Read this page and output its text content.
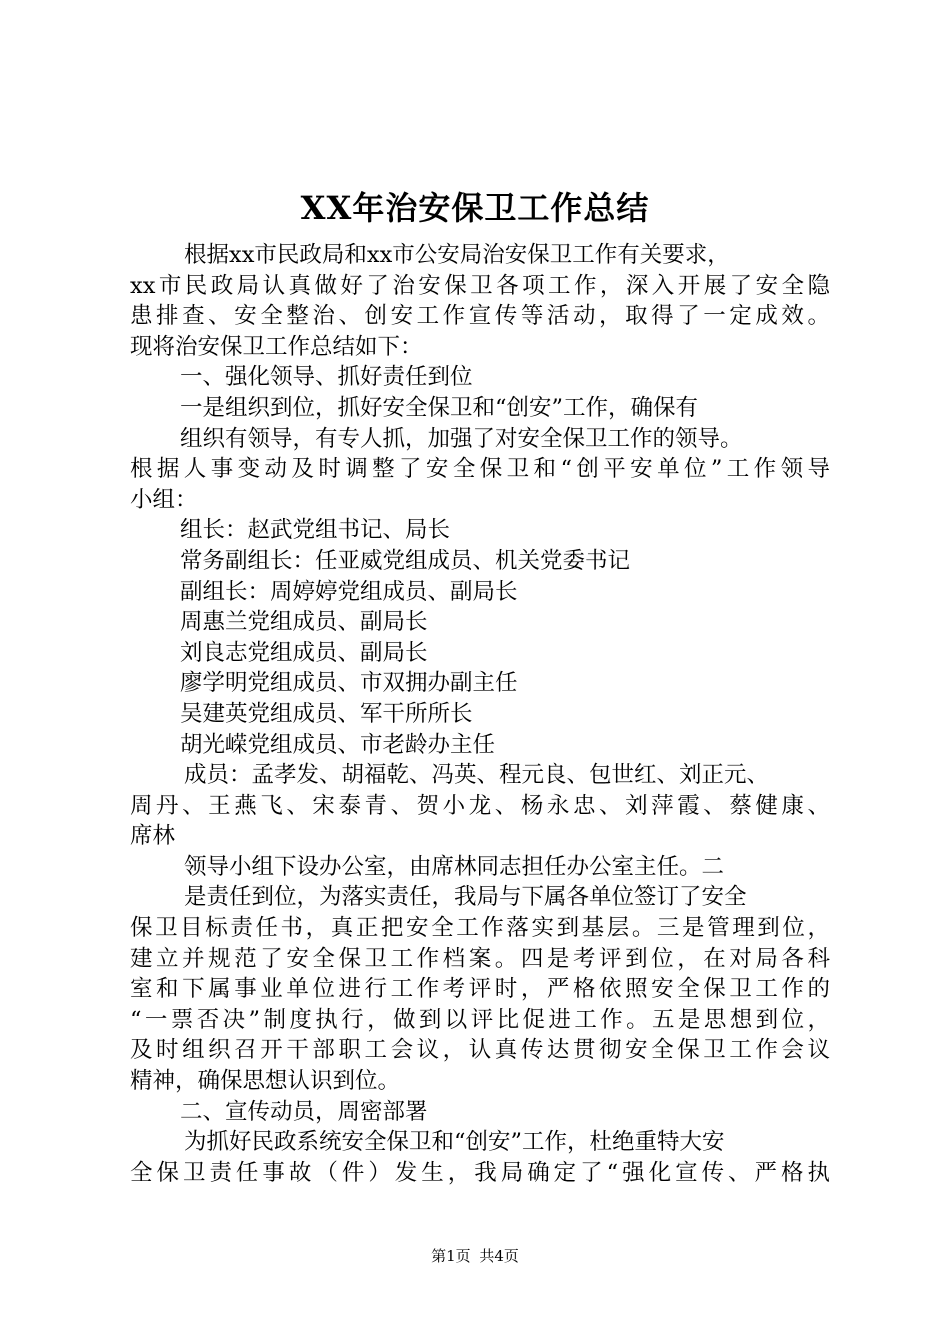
XX年治安保卫工作总结
根据xx市民政局和xx市公安局治安保卫工作有关要求，
xx市民政局认真做好了治安保卫各项工作，深入开展了安全隐
患排查、安全整治、创安工作宣传等活动，取得了一定成效。
现将治安保卫工作总结如下：
一、强化领导、抓好责任到位
一是组织到位，抓好安全保卫和“创安”工作，确保有
组织有领导，有专人抓，加强了对安全保卫工作的领导。
根据人事变动及时调整了安全保卫和“创平安单位”工作领导
小组：
组长：赵武党组书记、局长
常务副组长：任亚威党组成员、机关党委书记
副组长：周婷婷党组成员、副局长
周惠兰党组成员、副局长
刘良志党组成员、副局长
廖学明党组成员、市双拥办副主任
吴建英党组成员、军干所所长
胡光嵘党组成员、市老龄办主任
成员：孟孝发、胡福乾、冯英、程元良、包世红、刘正元、
周丹、王燕飞、宋泰青、贺小龙、杨永忠、刘萍霞、蔡健康、
席林
领导小组下设办公室，由席林同志担任办公室主任。二
是责任到位，为落实责任，我局与下属各单位签订了安全
保卫目标责任书，真正把安全工作落实到基层。三是管理到位，
建立并规范了安全保卫工作档案。四是考评到位，在对局各科
室和下属事业单位进行工作考评时，严格依照安全保卫工作的
“一票否决”制度执行，做到以评比促进工作。五是思想到位，
及时组织召开干部职工会议，认真传达贯彻安全保卫工作会议
精神，确保思想认识到位。
二、宣传动员，周密部署
为抓好民政系统安全保卫和“创安”工作，杜绝重特大安
全保卫责任事故（件）发生，我局确定了“强化宣传、严格执
第1页 共4页
